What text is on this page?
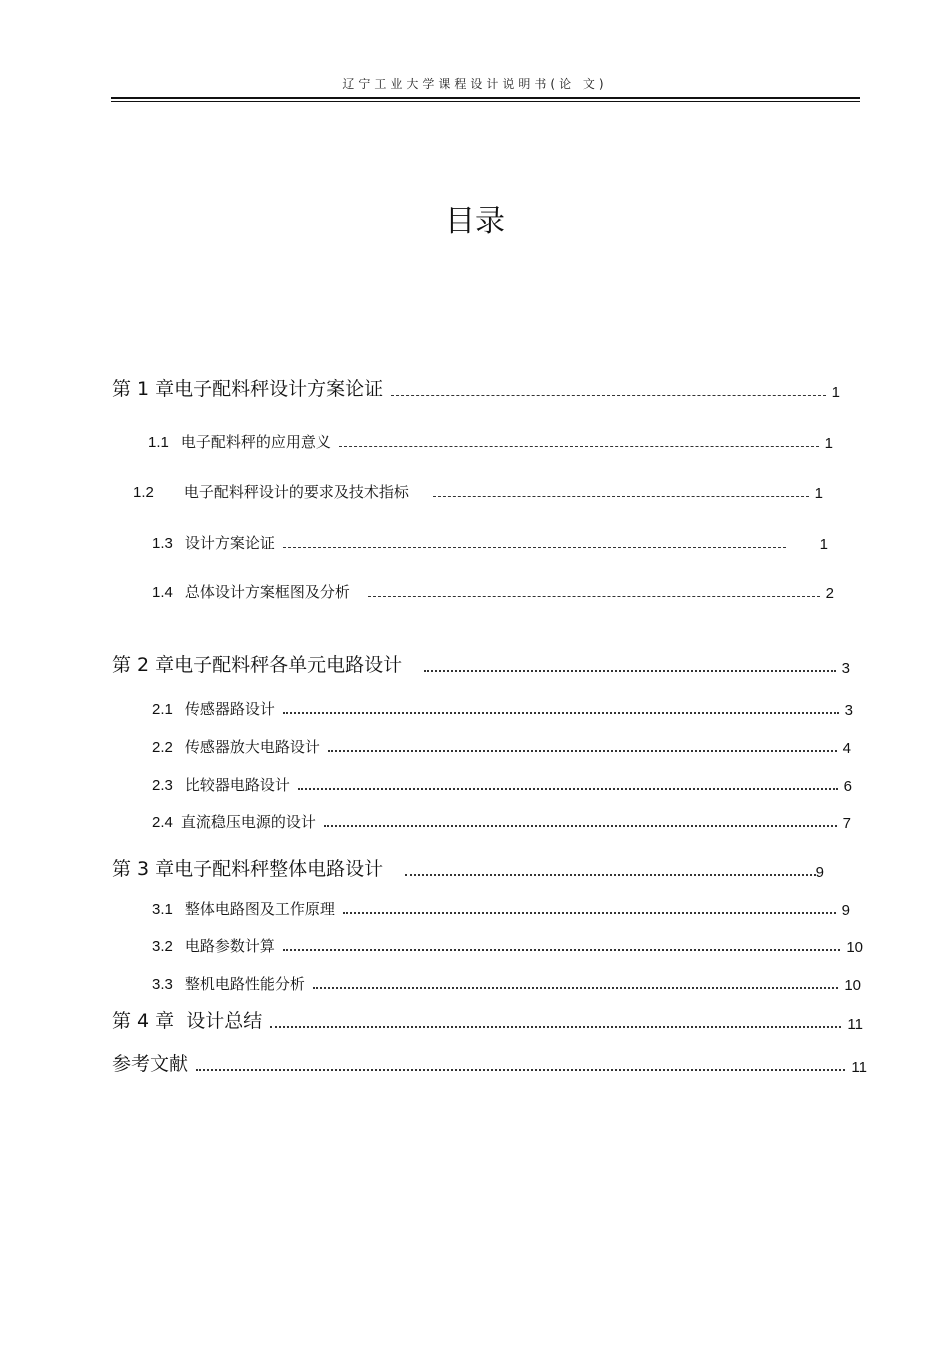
辽宁工业大学课程设计说明书(论 文)
目录
第 1 章电子配料秤设计方案论证	1
1.1 电子配料秤的应用意义	1
1.2 电子配料秤设计的要求及技术指标	1
1.3 设计方案论证	1
1.4 总体设计方案框图及分析	2
第 2 章电子配料秤各单元电路设计	3
2.1 传感器路设计	3
2.2 传感器放大电路设计	4
2.3 比较器电路设计	6
2.4 直流稳压电源的设计	7
第 3 章电子配料秤整体电路设计	9
3.1 整体电路图及工作原理	9
3.2 电路参数计算	10
3.3 整机电路性能分析	10
第 4 章  设计总结	11
参考文献	11
